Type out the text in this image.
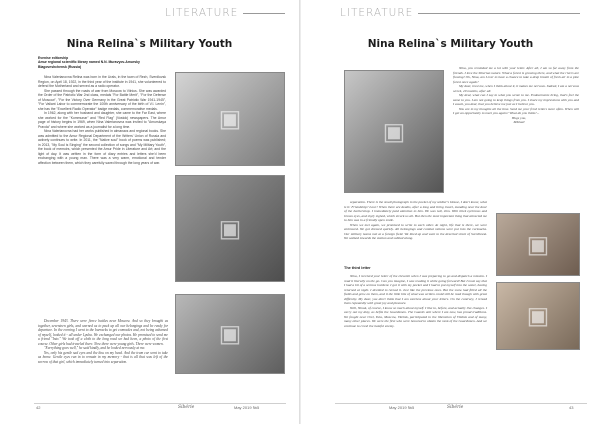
LITERATURE
Nina Relina`s Military Youth
Evenise editorship
Amur regional scientific library named N.N. Muravyov-Amursky
Blagoveshchensk (Russia)

Nina Valerianovna Relina was born in the Urals, in the town of Rezh, Sverdlovsk Region, on April 18, 1922, in the third year of the institute in 1941, she volunteered to defend the Motherland and served as a radio operator.

She passed through the roads of war from Moscow to Vilnius. She was awarded the Order of the Patriotic War 2nd class, medals "For Battle Merit", "For the Defense of Moscow", "For the Victory Over Germany in the Great Patriotic War 1941-1945", "For Valiant Labor to commemorate the 100th anniversary of the birth of V.I. Lenin", she has the "Excellent Radio Operator" badge medals, commemorative medals.

In 1962, along with her husband and daughter, she came to the Far East, where she worked for the "Kommunar" and "Red Flag" (Vostok) newspapers. The Amur page of history begins in 1969, when Nina Valerianovna was invited to "Amurskaya Pravda" and where she worked as a journalist for a long time.

Nina Valerianovna had her works published in almanacs and regional books. She was admitted to the Amur Regional Department of the Writers' Union of Russia and actively continues to write. In 2011, the "Native soul" book of poems was published; in 2013, "My Soul is Singing" the second collection of songs and "My Military Youth", the book of memoirs, which presented the Amur Pride in Literature and Art; and the light of day. It was written in the form of diary entries and letters she'd been exchanging with a young man. There was a very warm, emotional and tender affection between them, which they carefully saved through the long years of war.

December 1943. There were fierce battles near Moscow. And so they brought us together, seventeen girls, and warned us to pack up all our belongings and be ready for departure. In the evening I went to the barracks to get comrades and, not being ashamed of myself, looked it - all under Lyuba. We exchanged our photos. He promised to send me a friend "Into." We took off a cloth to the long road we had been, a photo of the first course. Other girls had traveled there. Now there were young girls. There were women.

"Everything goes well," he said kindly, and he looked nervously at me.

Yes, only his gentle sad eyes and the kiss on my head. And the tram car went to take us home. Gentle eyes run in to remain in my memory - that is all that was left of the sorrow of that girl, which immediately turned into separation.

▣
▣
▣
42	Sibérie	May 2019 №5
LITERATURE
Nina Relina`s Military Youth
▣

Nina, you reminded me a lot with your letter. After all, I am so far away from the friends. I love the Siberian nature. What a forest is growing there, and what the rivers are flowing! Oh, Nina, am I ever to have a chance to take a deep breath of fresh air in a pine forest once again?

My dear, trust me, when I think about it, it makes me nervous. Indeed, I am a nervous wreck, 29 months, after all.

My dear, what can I say to what you wrote to me. Endearments bring, that's feel the same to you. I am not going to keep things from you. I share my impressions with you and I await, you dear, that you believe me just as I believe you.

You are in my thoughts all the time. Send me your fresh letters more often. When will I get an opportunity to meet you again? What do you think?...

Hugs you,

Mikhail

separation. There is the small photograph in the pocket of my soldier's blouse, I don't know; what is it: Friendship? Love? When there are deaths, after a long and tiring travel, standing near the door of the barbershop. I immediately paid attention to him. He was tall, slim. With thick eyebrows and brown eyes, and shyly sighed, which struck us all. But then the most important thing that attracted me to him was in a friendly open smile.

When we met again, we promised to write to each other. At night, life that is there, we were embraced. We got dressed quickly. All belongings and combat rations were put into the rucksacks. Our military teams met at a foreign field. We lined up and went to the deserted street of Sverdlovsk. We walked towards the station and sobbed along.

The third letter

Nina, I received your letter of the eleventh when I was preparing to go and dispatch a mission. I read it literally on the go. Can you imagine, I was reading it while going forward! But I must say that I had a bit of a serious incident. I got it with my pocket and I had to put myself into the water, having returned at night. I decided to reread it. Just like the previous ones. But the snow had filled all the fields and grew on them, and it the little bits of what was written could still be read though with great difficulty. My dear, you don't think that I am careless about your letters. On the contrary, I reread them repeatedly with great joy and pleasure.

Well, Ninok, of course, I know so much about myself. I like to, before, and actually live changes. I carry out my duty, as befits the Guardsmen. The Guards unit where I am now, has proud traditions. We fought near Orel, Tula, Moscow, Vitebsk, participated in the liberation of Vitebsk and of many, many other places. We were the first who were honored to obtain the rank of the Guardsmen. And we continue to crush the hateful enemy.

▣
▣
May 2019 №5	Sibérie	43
